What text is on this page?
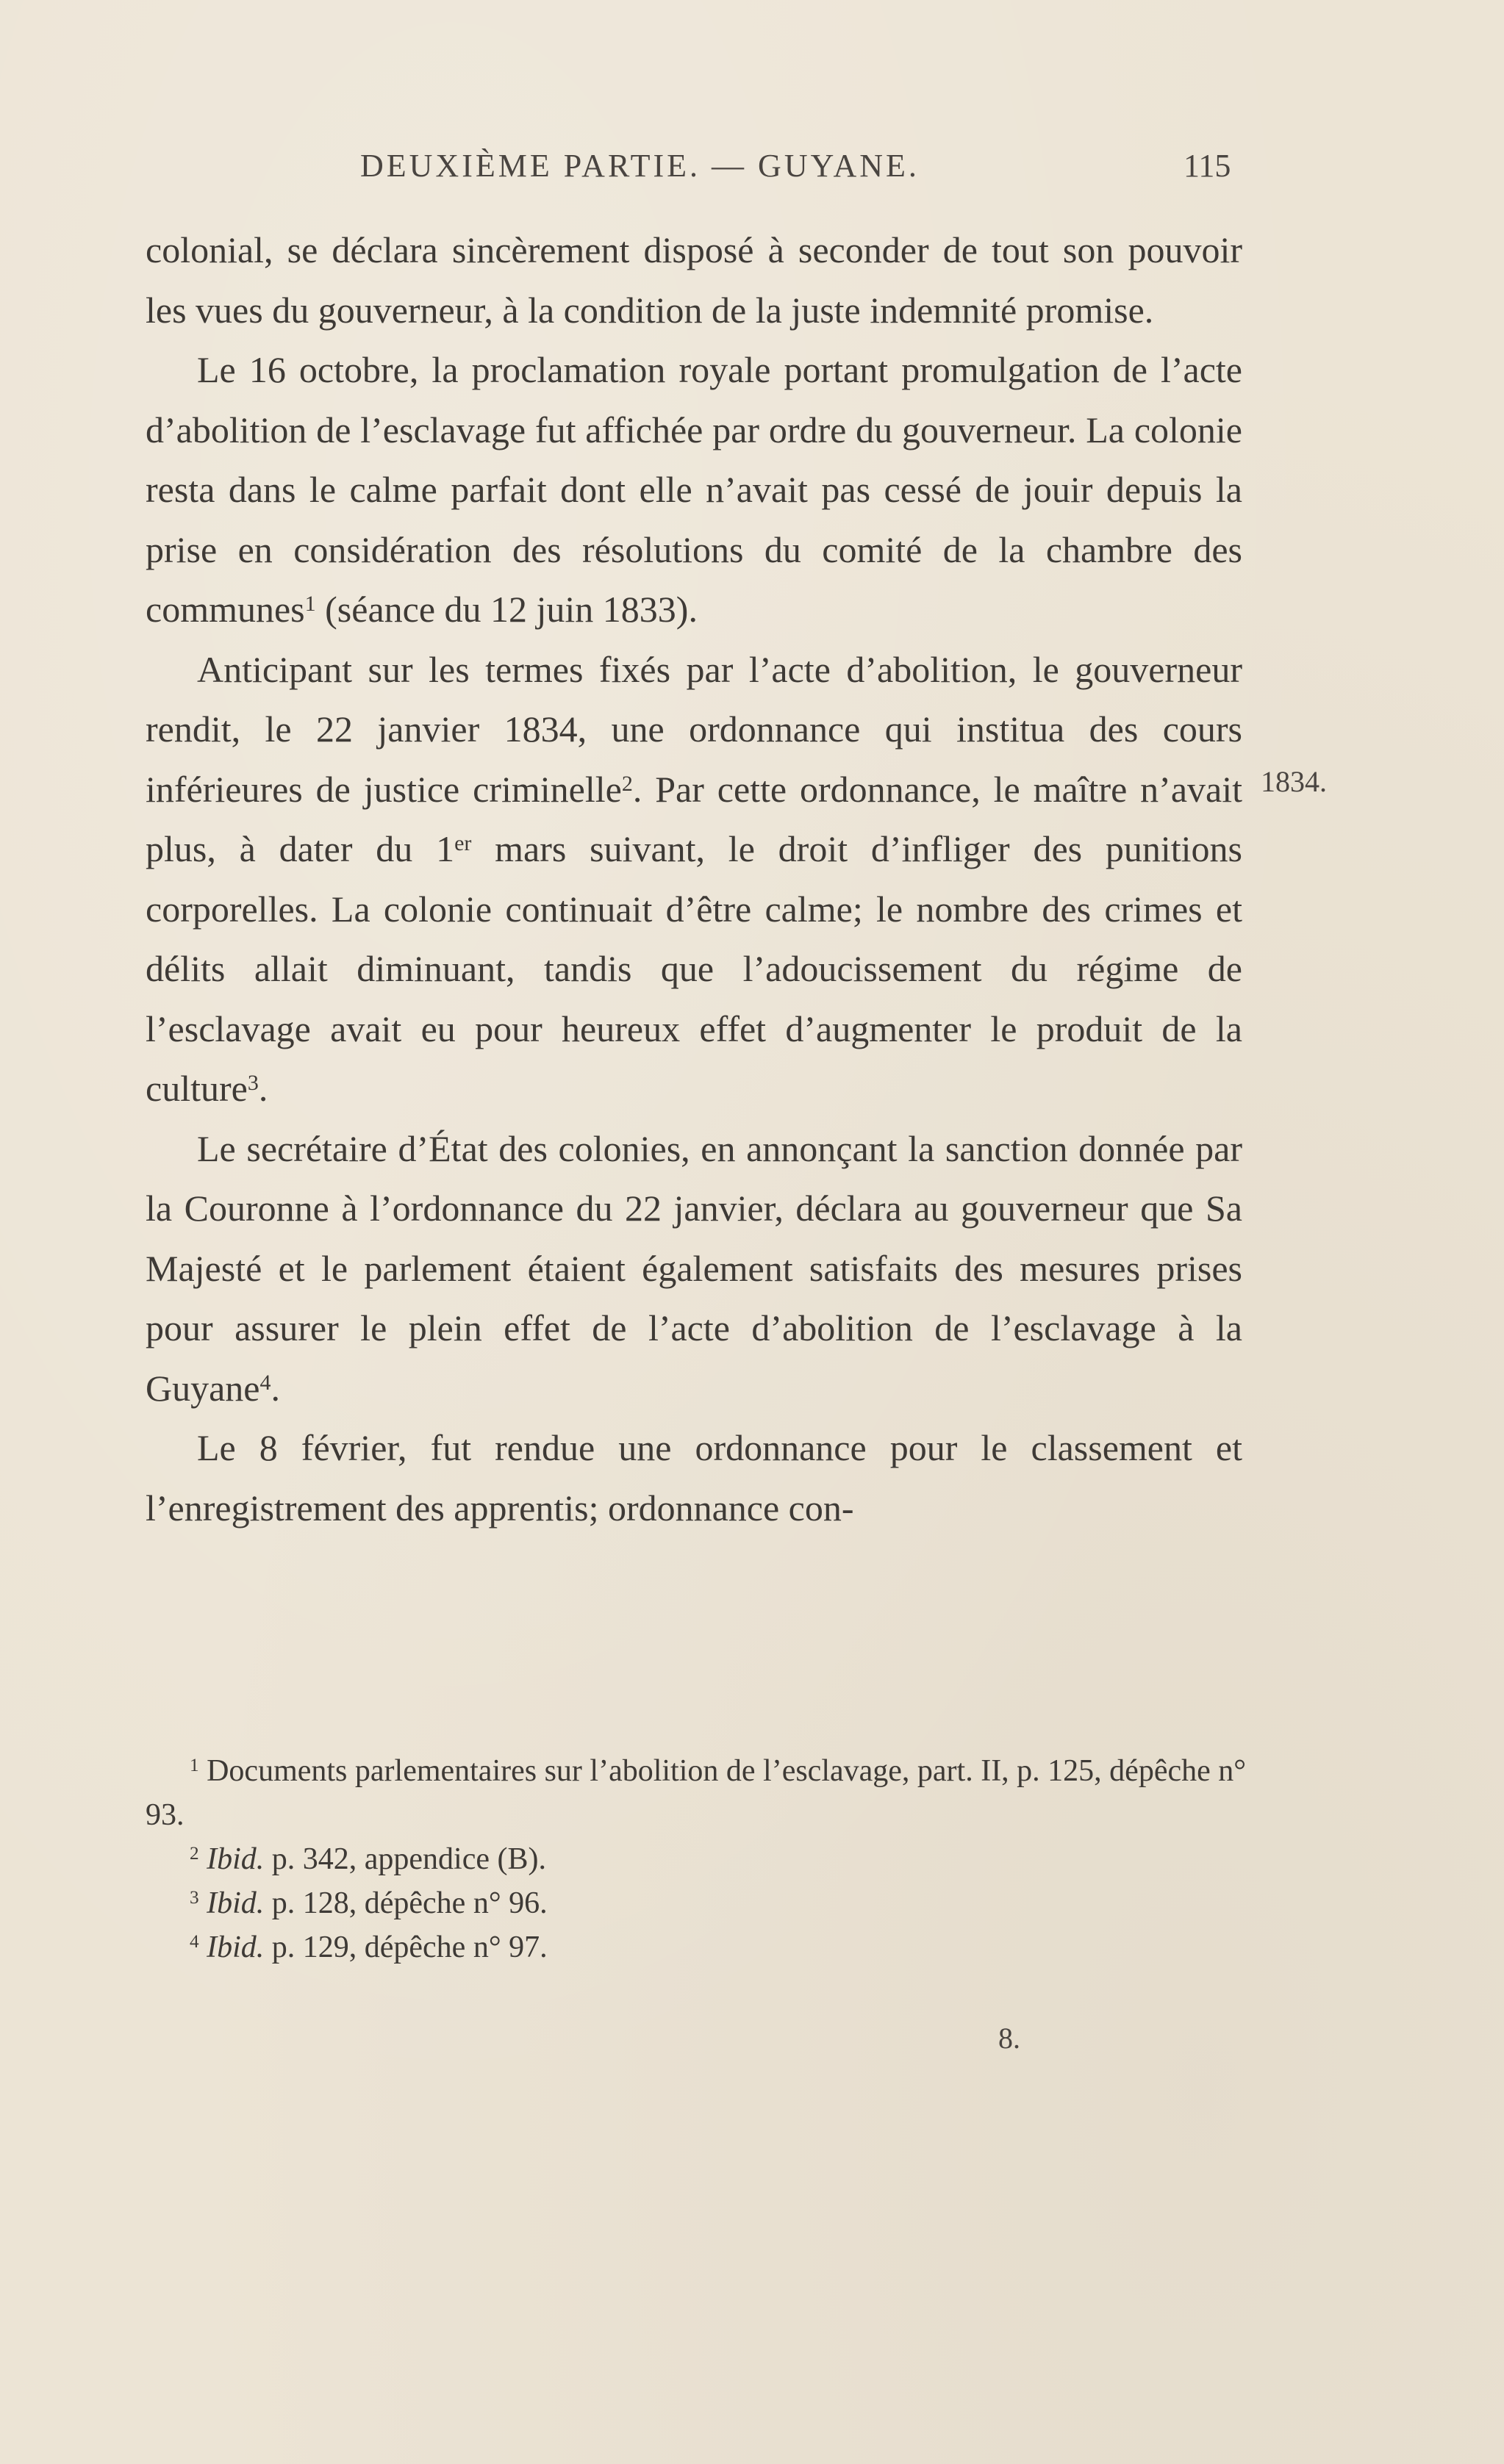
DEUXIÈME PARTIE. — GUYANE.	115
1834.

colonial, se déclara sincèrement disposé à seconder de tout son pouvoir les vues du gouverneur, à la condition de la juste indemnité promise.

Le 16 octobre, la proclamation royale portant promulgation de l’acte d’abolition de l’esclavage fut affichée par ordre du gouverneur. La colonie resta dans le calme parfait dont elle n’avait pas cessé de jouir depuis la prise en considération des résolutions du comité de la chambre des communes$^1$ (séance du 12 juin 1833).

Anticipant sur les termes fixés par l’acte d’abolition, le gouverneur rendit, le 22 janvier 1834, une ordonnance qui institua des cours inférieures de justice criminelle$^2$. Par cette ordonnance, le maître n’avait plus, à dater du 1er mars suivant, le droit d’infliger des punitions corporelles. La colonie continuait d’être calme; le nombre des crimes et délits allait diminuant, tandis que l’adoucissement du régime de l’esclavage avait eu pour heureux effet d’augmenter le produit de la culture$^3$.

Le secrétaire d’État des colonies, en annonçant la sanction donnée par la Couronne à l’ordonnance du 22 janvier, déclara au gouverneur que Sa Majesté et le parlement étaient également satisfaits des mesures prises pour assurer le plein effet de l’acte d’abolition de l’esclavage à la Guyane$^4$.

Le 8 février, fut rendue une ordonnance pour le classement et l’enregistrement des apprentis; ordonnance con-

$^1$ Documents parlementaires sur l’abolition de l’esclavage, part. II, p. 125, dépêche n° 93.

$^2$ Ibid. p. 342, appendice (B).

$^3$ Ibid. p. 128, dépêche n° 96.

$^4$ Ibid. p. 129, dépêche n° 97.

8.
